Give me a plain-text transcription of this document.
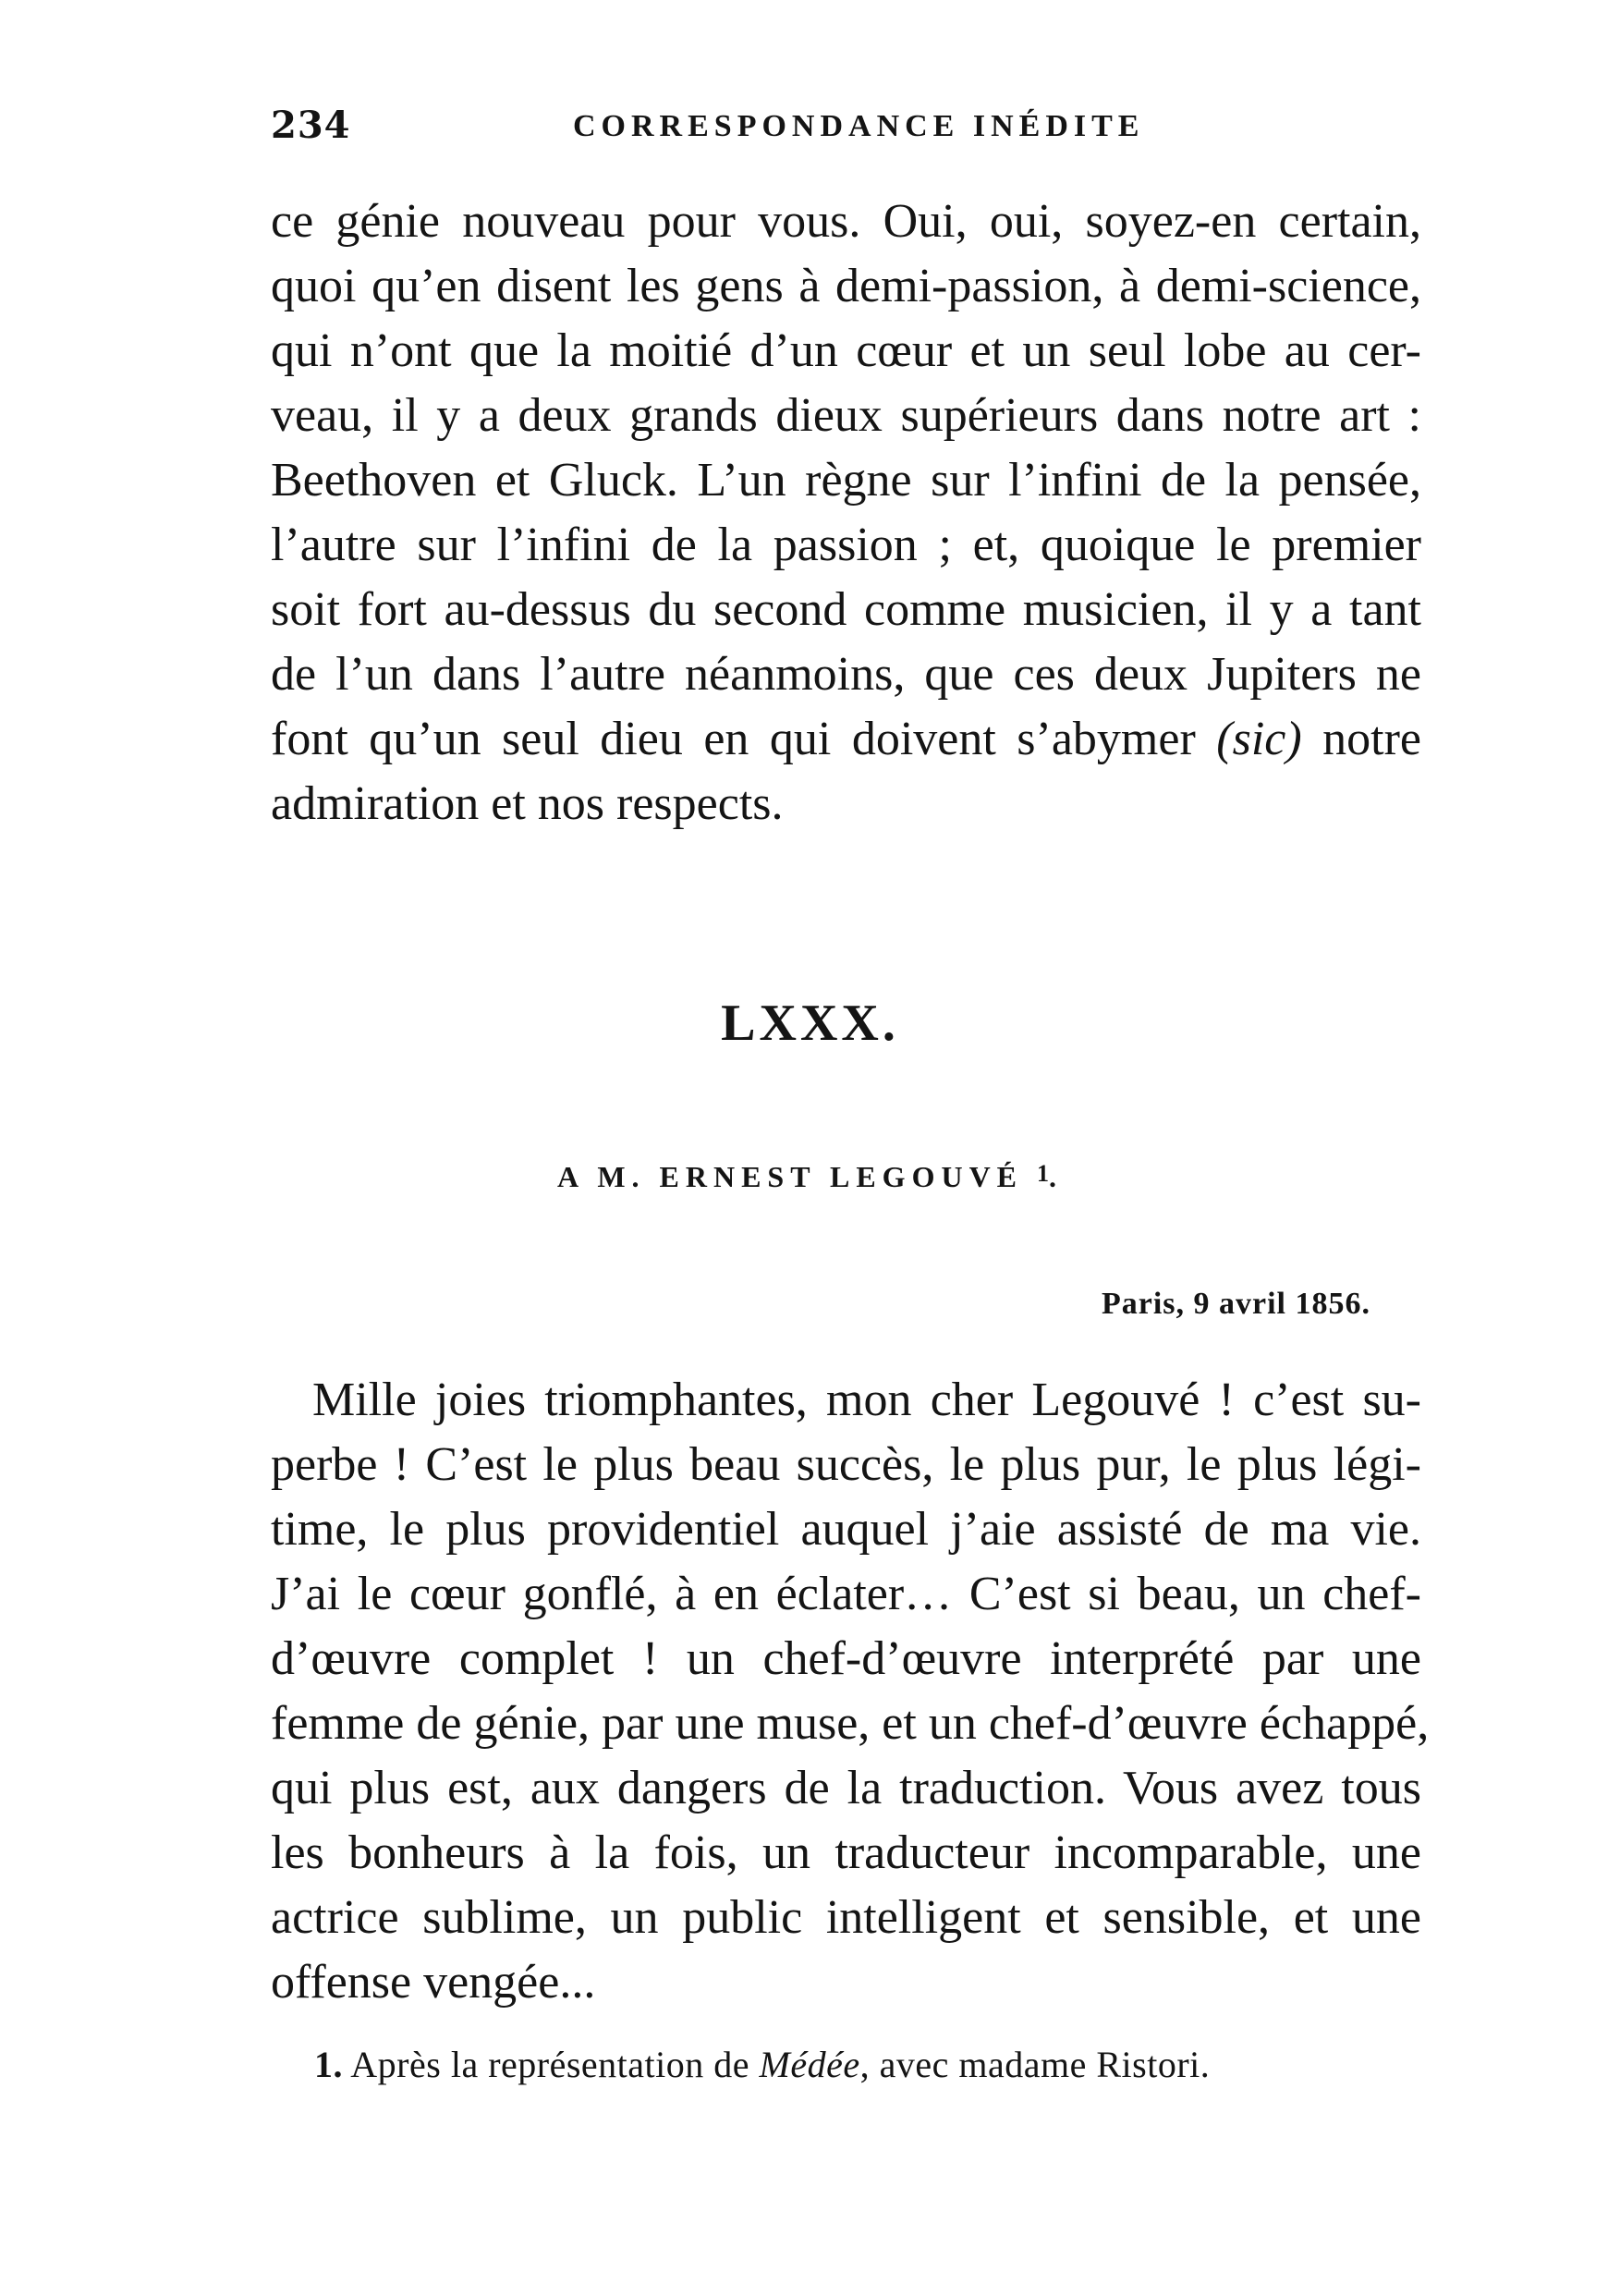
234	CORRESPONDANCE INÉDITE
ce génie nouveau pour vous. Oui, oui, soyez-en certain,
quoi qu’en disent les gens à demi-passion, à demi-science,
qui n’ont que la moitié d’un cœur et un seul lobe au cer-
veau, il y a deux grands dieux supérieurs dans notre art :
Beethoven et Gluck. L’un règne sur l’infini de la pensée,
l’autre sur l’infini de la passion ; et, quoique le premier
soit fort au-dessus du second comme musicien, il y a tant
de l’un dans l’autre néanmoins, que ces deux Jupiters ne
font qu’un seul dieu en qui doivent s’abymer (sic) notre
admiration et nos respects.
LXXX.
A M. ERNEST LEGOUVÉ $^1$.
Paris, 9 avril 1856.
Mille joies triomphantes, mon cher Legouvé ! c’est su-
perbe ! C’est le plus beau succès, le plus pur, le plus légi-
time, le plus providentiel auquel j’aie assisté de ma vie.
J’ai le cœur gonflé, à en éclater… C’est si beau, un chef-
d’œuvre complet ! un chef-d’œuvre interprété par une
femme de génie, par une muse, et un chef-d’œuvre échappé,
qui plus est, aux dangers de la traduction. Vous avez tous
les bonheurs à la fois, un traducteur incomparable, une
actrice sublime, un public intelligent et sensible, et une
offense vengée...
1. Après la représentation de Médée, avec madame Ristori.
